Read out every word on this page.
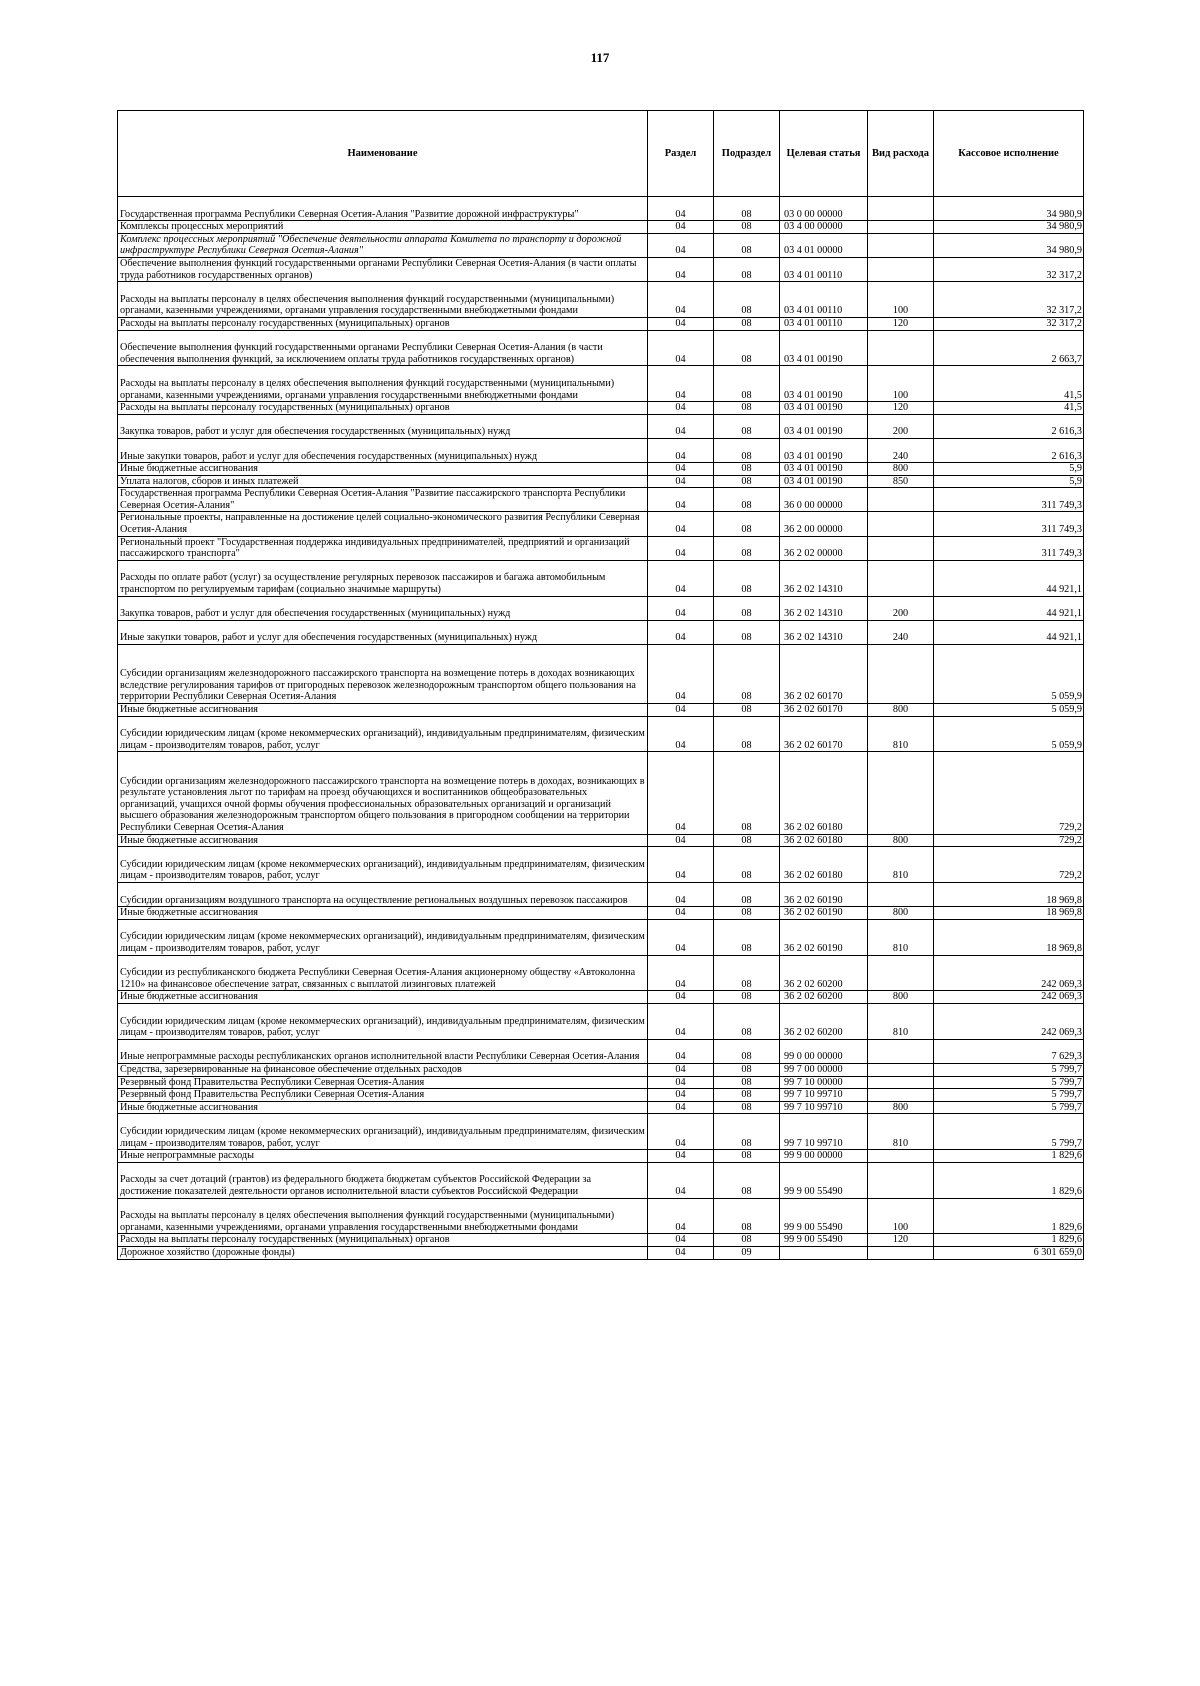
117
Наименование	Раздел	Подраздел	Целевая статья	Вид расхода	Кассовое исполнение
Государственная программа Республики Северная Осетия-Алания "Развитие дорожной инфраструктуры"	04	08	03 0 00 00000		34 980,9
Комплексы процессных мероприятий	04	08	03 4 00 00000		34 980,9
Комплекс процессных мероприятий "Обеспечение деятельности аппарата Комитета по транспорту и дорожной инфраструктуре Республики Северная Осетия-Алания"	04	08	03 4 01 00000		34 980,9
Обеспечение выполнения функций государственными органами Республики Северная Осетия-Алания (в части оплаты труда работников государственных органов)	04	08	03 4 01 00110		32 317,2
Расходы на выплаты персоналу в целях обеспечения выполнения функций государственными (муниципальными) органами, казенными учреждениями, органами управления государственными внебюджетными фондами	04	08	03 4 01 00110	100	32 317,2
Расходы на выплаты персоналу государственных (муниципальных) органов	04	08	03 4 01 00110	120	32 317,2
Обеспечение выполнения функций государственными органами Республики Северная Осетия-Алания (в части обеспечения выполнения функций, за исключением оплаты труда работников государственных органов)	04	08	03 4 01 00190		2 663,7
Расходы на выплаты персоналу в целях обеспечения выполнения функций государственными (муниципальными) органами, казенными учреждениями, органами управления государственными внебюджетными фондами	04	08	03 4 01 00190	100	41,5
Расходы на выплаты персоналу государственных (муниципальных) органов	04	08	03 4 01 00190	120	41,5
Закупка товаров, работ и услуг для обеспечения государственных (муниципальных) нужд	04	08	03 4 01 00190	200	2 616,3
Иные закупки товаров, работ и услуг для обеспечения государственных (муниципальных) нужд	04	08	03 4 01 00190	240	2 616,3
Иные бюджетные ассигнования	04	08	03 4 01 00190	800	5,9
Уплата налогов, сборов и иных платежей	04	08	03 4 01 00190	850	5,9
Государственная программа Республики Северная Осетия-Алания "Развитие пассажирского транспорта Республики Северная Осетия-Алания"	04	08	36 0 00 00000		311 749,3
Региональные проекты, направленные на достижение целей социально-экономического развития Республики Северная Осетия-Алания	04	08	36 2 00 00000		311 749,3
Региональный проект "Государственная поддержка индивидуальных предпринимателей, предприятий и организаций пассажирского транспорта"	04	08	36 2 02 00000		311 749,3
Расходы по оплате работ (услуг) за осуществление регулярных перевозок пассажиров и багажа автомобильным транспортом по регулируемым тарифам (социально значимые маршруты)	04	08	36 2 02 14310		44 921,1
Закупка товаров, работ и услуг для обеспечения государственных (муниципальных) нужд	04	08	36 2 02 14310	200	44 921,1
Иные закупки товаров, работ и услуг для обеспечения государственных (муниципальных) нужд	04	08	36 2 02 14310	240	44 921,1
Субсидии организациям железнодорожного пассажирского транспорта на возмещение потерь в доходах возникающих вследствие регулирования тарифов от пригородных перевозок железнодорожным транспортом общего пользования на территории Республики Северная Осетия-Алания	04	08	36 2 02 60170		5 059,9
Иные бюджетные ассигнования	04	08	36 2 02 60170	800	5 059,9
Субсидии юридическим лицам (кроме некоммерческих организаций), индивидуальным предпринимателям, физическим лицам - производителям товаров, работ, услуг	04	08	36 2 02 60170	810	5 059,9
Субсидии организациям железнодорожного пассажирского транспорта на возмещение потерь в доходах, возникающих в результате установления льгот по тарифам на проезд обучающихся и воспитанников общеобразовательных организаций, учащихся очной формы обучения профессиональных образовательных организаций и организаций высшего образования железнодорожным транспортом общего пользования в пригородном сообщении на территории Республики Северная Осетия-Алания	04	08	36 2 02 60180		729,2
Иные бюджетные ассигнования	04	08	36 2 02 60180	800	729,2
Субсидии юридическим лицам (кроме некоммерческих организаций), индивидуальным предпринимателям, физическим лицам - производителям товаров, работ, услуг	04	08	36 2 02 60180	810	729,2
Субсидии организациям воздушного транспорта на осуществление региональных воздушных перевозок пассажиров	04	08	36 2 02 60190		18 969,8
Иные бюджетные ассигнования	04	08	36 2 02 60190	800	18 969,8
Субсидии юридическим лицам (кроме некоммерческих организаций), индивидуальным предпринимателям, физическим лицам - производителям товаров, работ, услуг	04	08	36 2 02 60190	810	18 969,8
Субсидии из республиканского бюджета Республики Северная Осетия-Алания акционерному обществу «Автоколонна 1210» на финансовое обеспечение затрат, связанных с выплатой лизинговых платежей	04	08	36 2 02 60200		242 069,3
Иные бюджетные ассигнования	04	08	36 2 02 60200	800	242 069,3
Субсидии юридическим лицам (кроме некоммерческих организаций), индивидуальным предпринимателям, физическим лицам - производителям товаров, работ, услуг	04	08	36 2 02 60200	810	242 069,3
Иные непрограммные расходы республиканских органов исполнительной власти Республики Северная Осетия-Алания	04	08	99 0 00 00000		7 629,3
Средства, зарезервированные на финансовое обеспечение отдельных расходов	04	08	99 7 00 00000		5 799,7
Резервный фонд Правительства Республики Северная Осетия-Алания	04	08	99 7 10 00000		5 799,7
Резервный фонд Правительства Республики Северная Осетия-Алания	04	08	99 7 10 99710		5 799,7
Иные бюджетные ассигнования	04	08	99 7 10 99710	800	5 799,7
Субсидии юридическим лицам (кроме некоммерческих организаций), индивидуальным предпринимателям, физическим лицам - производителям товаров, работ, услуг	04	08	99 7 10 99710	810	5 799,7
Иные непрограммные расходы	04	08	99 9 00 00000		1 829,6
Расходы за счет дотаций (грантов) из федерального бюджета бюджетам субъектов Российской Федерации за достижение показателей деятельности органов исполнительной власти субъектов Российской Федерации	04	08	99 9 00 55490		1 829,6
Расходы на выплаты персоналу в целях обеспечения выполнения функций государственными (муниципальными) органами, казенными учреждениями, органами управления государственными внебюджетными фондами	04	08	99 9 00 55490	100	1 829,6
Расходы на выплаты персоналу государственных (муниципальных) органов	04	08	99 9 00 55490	120	1 829,6
Дорожное хозяйство (дорожные фонды)	04	09			6 301 659,0
